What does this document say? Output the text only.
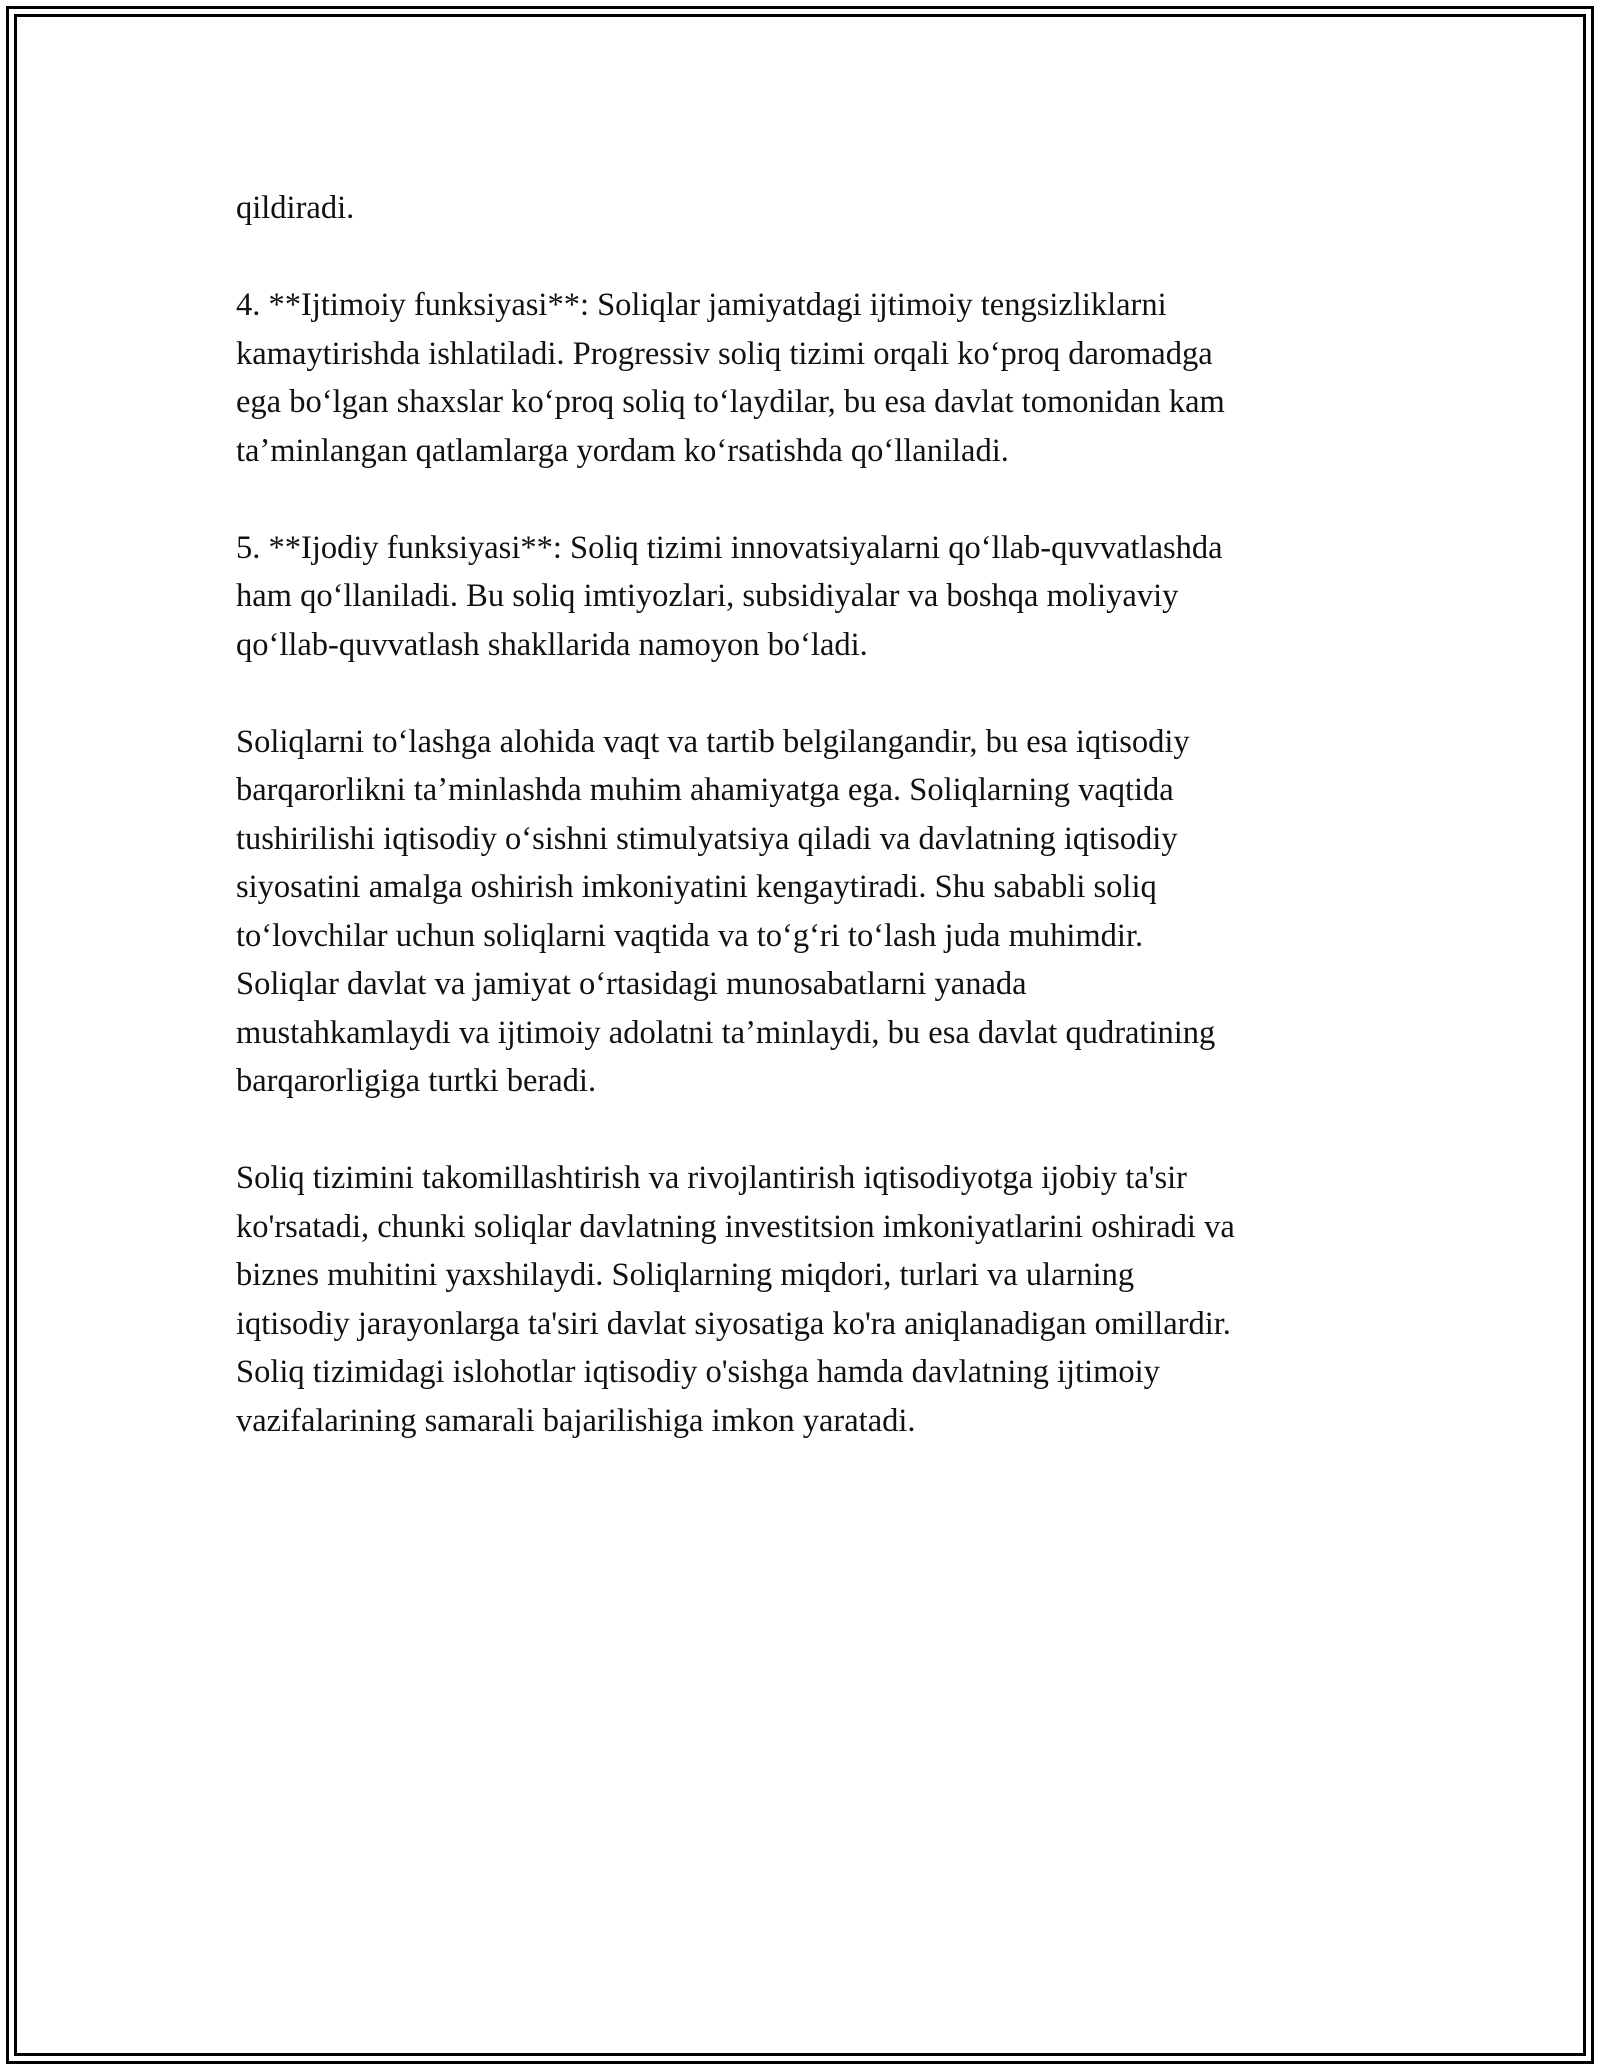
qildiradi.

4. **Ijtimoiy funksiyasi**: Soliqlar jamiyatdagi ijtimoiy tengsizliklarni
kamaytirishda ishlatiladi. Progressiv soliq tizimi orqali koʻproq daromadga
ega boʻlgan shaxslar koʻproq soliq toʻlaydilar, bu esa davlat tomonidan kam
taʼminlangan qatlamlarga yordam koʻrsatishda qoʻllaniladi.

5. **Ijodiy funksiyasi**: Soliq tizimi innovatsiyalarni qoʻllab-quvvatlashda
ham qoʻllaniladi. Bu soliq imtiyozlari, subsidiyalar va boshqa moliyaviy
qoʻllab-quvvatlash shakllarida namoyon boʻladi.

Soliqlarni toʻlashga alohida vaqt va tartib belgilangandir, bu esa iqtisodiy
barqarorlikni taʼminlashda muhim ahamiyatga ega. Soliqlarning vaqtida
tushirilishi iqtisodiy oʻsishni stimulyatsiya qiladi va davlatning iqtisodiy
siyosatini amalga oshirish imkoniyatini kengaytiradi. Shu sababli soliq
toʻlovchilar uchun soliqlarni vaqtida va toʻgʻri toʻlash juda muhimdir.
Soliqlar davlat va jamiyat oʻrtasidagi munosabatlarni yanada
mustahkamlaydi va ijtimoiy adolatni taʼminlaydi, bu esa davlat qudratining
barqarorligiga turtki beradi.

Soliq tizimini takomillashtirish va rivojlantirish iqtisodiyotga ijobiy ta'sir
ko'rsatadi, chunki soliqlar davlatning investitsion imkoniyatlarini oshiradi va
biznes muhitini yaxshilaydi. Soliqlarning miqdori, turlari va ularning
iqtisodiy jarayonlarga ta'siri davlat siyosatiga ko'ra aniqlanadigan omillardir.
Soliq tizimidagi islohotlar iqtisodiy o'sishga hamda davlatning ijtimoiy
vazifalarining samarali bajarilishiga imkon yaratadi.
